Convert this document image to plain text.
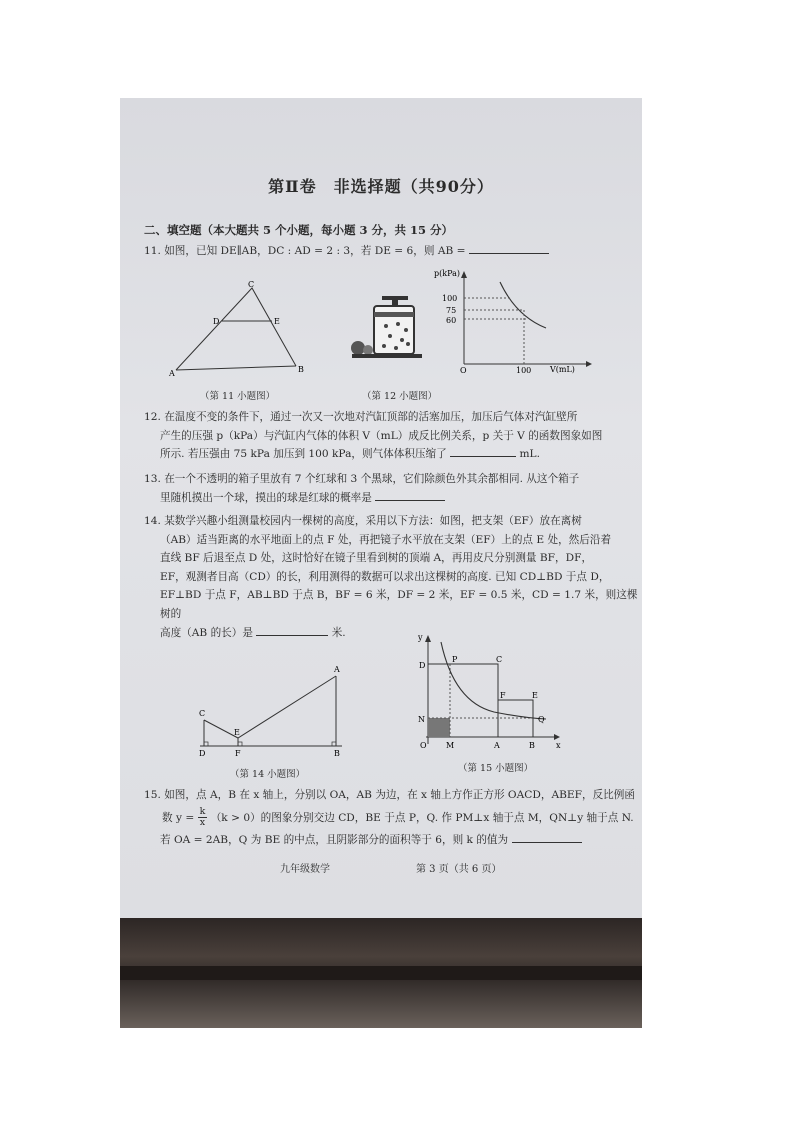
第Ⅱ卷　非选择题（共90分）
二、填空题（本大题共 5 个小题，每小题 3 分，共 15 分）
11. 如图，已知 DE∥AB，DC : AD = 2 : 3，若 DE = 6，则 AB =
C
D	E
A	B
（第 11 小题图）	（第 12 小题图）
p(kPa)
V(mL)
O
100
75
60
100
12. 在温度不变的条件下，通过一次又一次地对汽缸顶部的活塞加压，加压后气体对汽缸壁所
产生的压强 p（kPa）与汽缸内气体的体积 V（mL）成反比例关系，p 关于 V 的函数图象如图
所示. 若压强由 75 kPa 加压到 100 kPa，则气体体积压缩了	mL.
13. 在一个不透明的箱子里放有 7 个红球和 3 个黑球，它们除颜色外其余都相同. 从这个箱子
里随机摸出一个球，摸出的球是红球的概率是
14. 某数学兴趣小组测量校园内一棵树的高度，采用以下方法：如图，把支架（EF）放在离树
（AB）适当距离的水平地面上的点 F 处，再把镜子水平放在支架（EF）上的点 E 处，然后沿着
直线 BF 后退至点 D 处，这时恰好在镜子里看到树的顶端 A，再用皮尺分别测量 BF，DF，
EF，观测者目高（CD）的长，利用测得的数据可以求出这棵树的高度. 已知 CD⊥BD 于点 D，
EF⊥BD 于点 F，AB⊥BD 于点 B，BF = 6 米，DF = 2 米，EF = 0.5 米，CD = 1.7 米，则这棵树的
高度（AB 的长）是	米.
C
D
E
F
A
B
（第 14 小题图）
y
x
O M	A	B
D
P	C
F	E
N	Q
（第 15 小题图）
15. 如图，点 A，B 在 x 轴上，分别以 OA，AB 为边，在 x 轴上方作正方形 OACD，ABEF，反比例函
数 $y = \frac{k}{x} (k > 0)$的图象分别交边 CD，BE 于点 P，Q. 作 PM⊥x 轴于点 M，QN⊥y 轴于点 N.
若 OA = 2AB，Q 为 BE 的中点，且阴影部分的面积等于 6，则 k 的值为
九年级数学	第 3 页（共 6 页）
